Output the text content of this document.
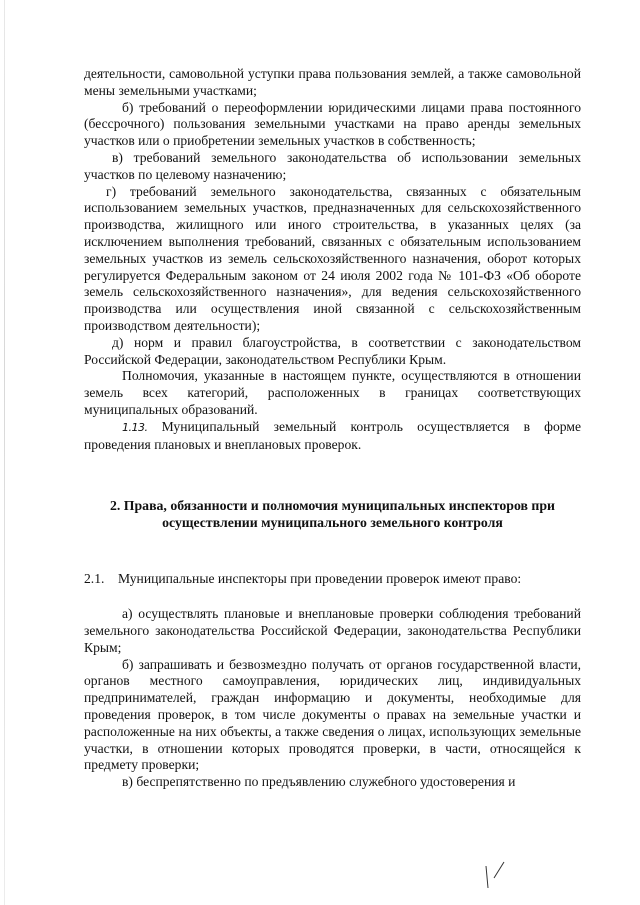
деятельности, самовольной уступки права пользования землей, а также самовольной мены земельными участками;

б) требований о переоформлении юридическими лицами права постоянного (бессрочного) пользования земельными участками на право аренды земельных участков или о приобретении земельных участков в собственность;

в) требований земельного законодательства об использовании земельных участков по целевому назначению;

г) требований земельного законодательства, связанных с обязательным использованием земельных участков, предназначенных для сельскохозяйственного производства, жилищного или иного строительства, в указанных целях (за исключением выполнения требований, связанных с обязательным использованием земельных участков из земель сельскохозяйственного назначения, оборот которых регулируется Федеральным законом от 24 июля 2002 года № 101-ФЗ «Об обороте земель сельскохозяйственного назначения», для ведения сельскохозяйственного производства или осуществления иной связанной с сельскохозяйственным производством деятельности);

д) норм и правил благоустройства, в соответствии с законодательством Российской Федерации, законодательством Республики Крым.

Полномочия, указанные в настоящем пункте, осуществляются в отношении земель всех категорий, расположенных в границах соответствующих муниципальных образований.

1.13. Муниципальный земельный контроль осуществляется в форме проведения плановых и внеплановых проверок.

2. Права, обязанности и полномочия муниципальных инспекторов при осуществлении муниципального земельного контроля
2.1.	Муниципальные инспекторы при проведении проверок имеют право:

а) осуществлять плановые и внеплановые проверки соблюдения требований земельного законодательства Российской Федерации, законодательства Республики Крым;

б) запрашивать и безвозмездно получать от органов государственной власти, органов местного самоуправления, юридических лиц, индивидуальных предпринимателей, граждан информацию и документы, необходимые для проведения проверок, в том числе документы о правах на земельные участки и расположенные на них объекты, а также сведения о лицах, использующих земельные участки, в отношении которых проводятся проверки, в части, относящейся к предмету проверки;

в) беспрепятственно по предъявлению служебного удостоверения и
